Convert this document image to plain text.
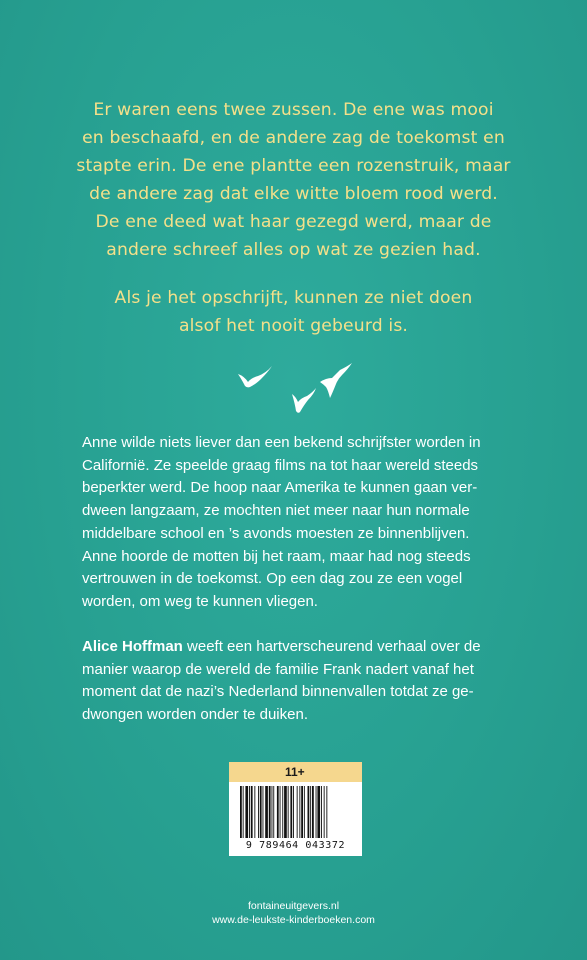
Er waren eens twee zussen. De ene was mooi
en beschaafd, en de andere zag de toekomst en
stapte erin. De ene plantte een rozenstruik, maar
de andere zag dat elke witte bloem rood werd.
De ene deed wat haar gezegd werd, maar de
andere schreef alles op wat ze gezien had.

Als je het opschrijft, kunnen ze niet doen
alsof het nooit gebeurd is.

Anne wilde niets liever dan een bekend schrijfster worden in
Californië. Ze speelde graag films na tot haar wereld steeds
beperkter werd. De hoop naar Amerika te kunnen gaan ver-
dween langzaam, ze mochten niet meer naar hun normale
middelbare school en ’s avonds moesten ze binnenblijven.
Anne hoorde de motten bij het raam, maar had nog steeds
vertrouwen in de toekomst. Op een dag zou ze een vogel
worden, om weg te kunnen vliegen.

Alice Hoffman weeft een hartverscheurend verhaal over de
manier waarop de wereld de familie Frank nadert vanaf het
moment dat de nazi’s Nederland binnenvallen totdat ze ge-
dwongen worden onder te duiken.

11+
9 789464 043372
fontaineuitgevers.nl
www.de-leukste-kinderboeken.com
